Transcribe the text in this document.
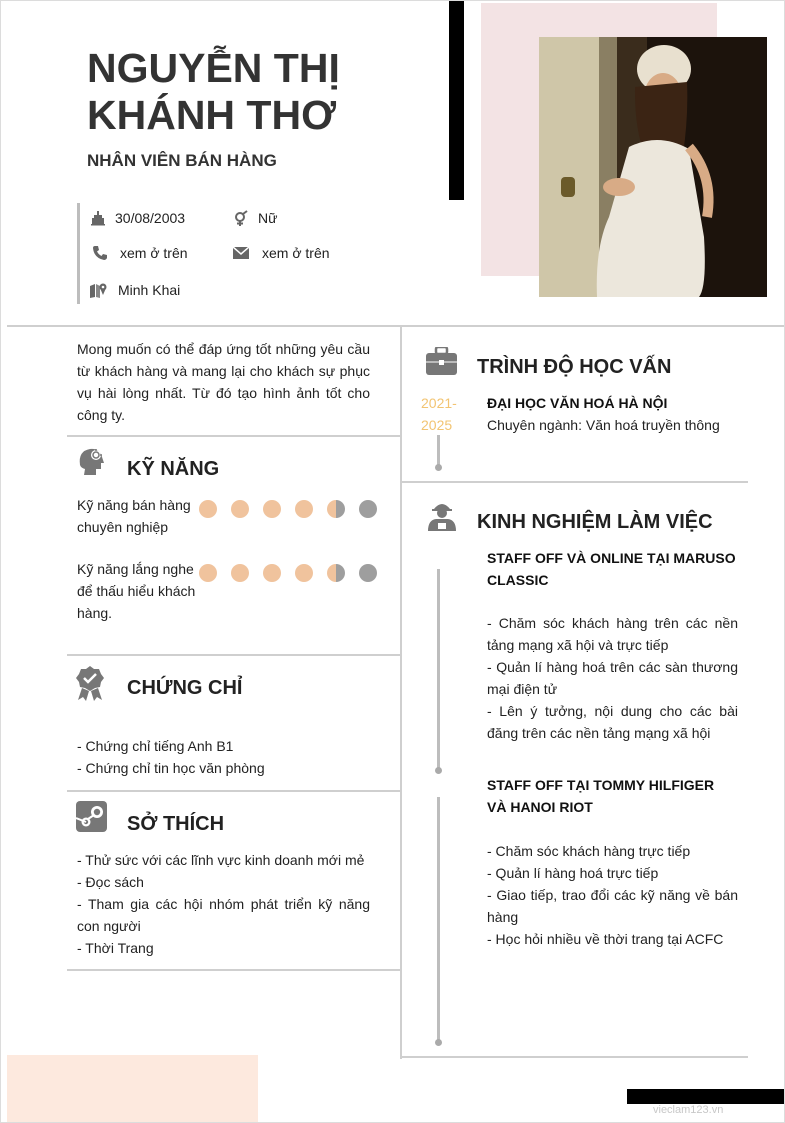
NGUYỄN THỊ
KHÁNH THƠ
NHÂN VIÊN BÁN HÀNG
30/08/2003	Nữ
xem ở trên	xem ở trên
Minh Khai
Mong muốn có thể đáp ứng tốt những yêu cầu từ khách hàng và mang lại cho khách sự phục vụ hài lòng nhất. Từ đó tạo hình ảnh tốt cho công ty.
KỸ NĂNG
Kỹ năng bán hàng chuyên nghiệp
Kỹ năng lắng nghe để thấu hiểu khách hàng.
CHỨNG CHỈ
- Chứng chỉ tiếng Anh B1
- Chứng chỉ tin học văn phòng
SỞ THÍCH
- Thử sức với các lĩnh vực kinh doanh mới mẻ
- Đọc sách
- Tham gia các hội nhóm phát triển kỹ năng con người
- Thời Trang
TRÌNH ĐỘ HỌC VẤN
2021-2025
ĐẠI HỌC VĂN HOÁ HÀ NỘI
Chuyên ngành: Văn hoá truyền thông
KINH NGHIỆM LÀM VIỆC
STAFF OFF VÀ ONLINE TẠI MARUSO CLASSIC
- Chăm sóc khách hàng trên các nền tảng mạng xã hội và trực tiếp
- Quản lí hàng hoá trên các sàn thương mại điện tử
- Lên ý tưởng, nội dung cho các bài đăng trên các nền tảng mạng xã hội
STAFF OFF TẠI TOMMY HILFIGER VÀ HANOI RIOT
- Chăm sóc khách hàng trực tiếp
- Quản lí hàng hoá trực tiếp
- Giao tiếp, trao đổi các kỹ năng về bán hàng
- Học hỏi nhiều về thời trang tại ACFC
vieclam123.vn
